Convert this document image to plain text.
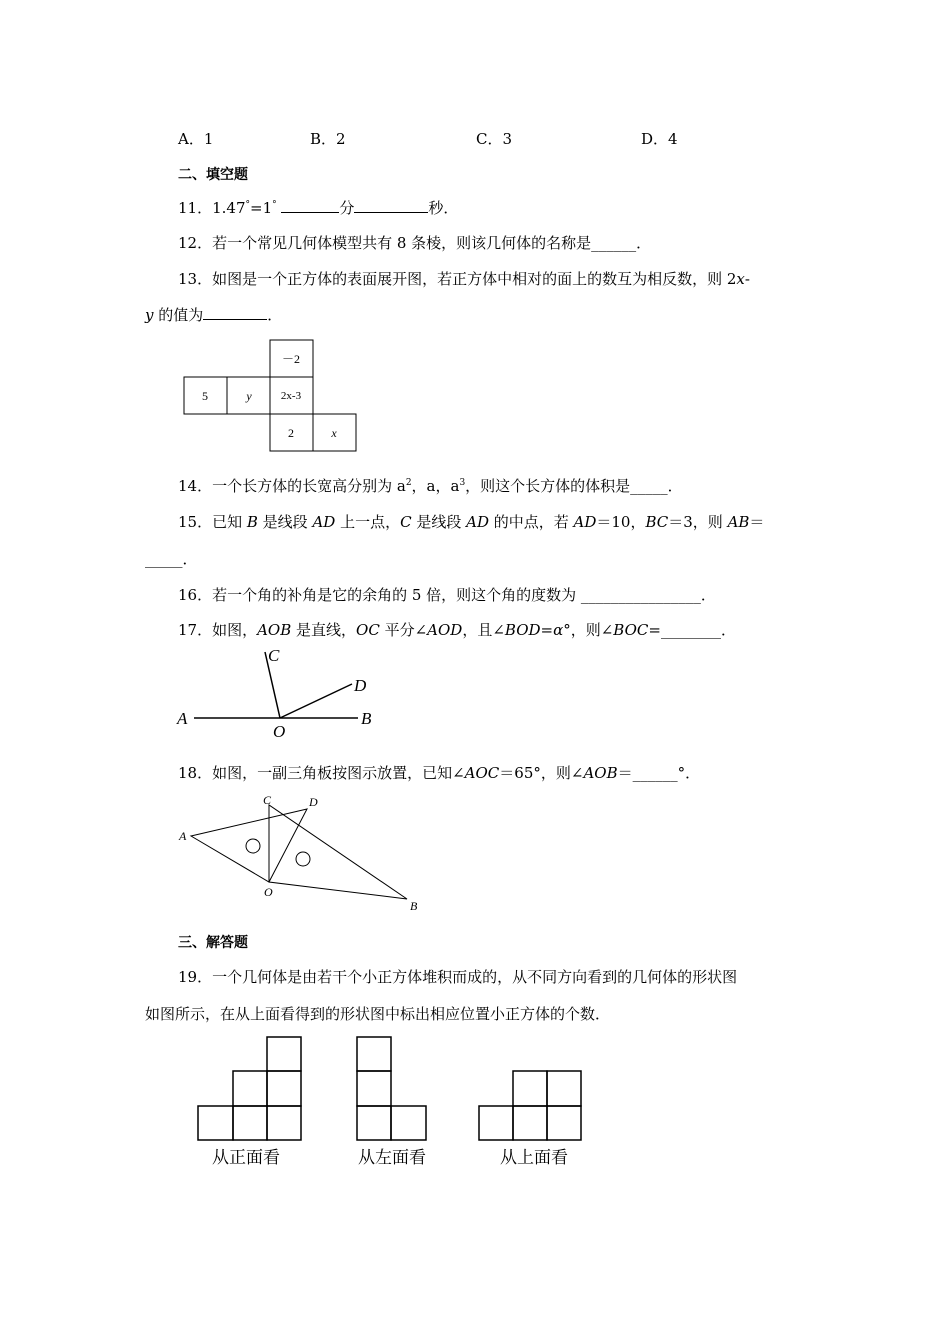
A．1	B．2	C．3	D．4
二、填空题
11．1.47°=1°	分	秒．
12．若一个常见几何体模型共有 8 条棱，则该几何体的名称是______．
13．如图是一个正方体的表面展开图，若正方体中相对的面上的数互为相反数，则 2x-
y 的值为	．
－2
5	y	2x-3
2	x
14．一个长方体的长宽高分别为 $a^2$，a，$a^3$，则这个长方体的体积是_____．
15．已知 B 是线段 AD 上一点，C 是线段 AD 的中点，若 AD＝10，BC＝3，则 AB＝
_____．
16．若一个角的补角是它的余角的 5 倍，则这个角的度数为 ________________．
17．如图，AOB 是直线，OC 平分∠AOD，且∠BOD=α°，则∠BOC=________．
A	B
C
D
O
18．如图，一副三角板按图示放置，已知∠AOC＝65°，则∠AOB＝______°．
A
C	D
O
B
三、解答题
19．一个几何体是由若干个小正方体堆积而成的，从不同方向看到的几何体的形状图
如图所示，在从上面看得到的形状图中标出相应位置小正方体的个数．
从正面看	从左面看	从上面看
